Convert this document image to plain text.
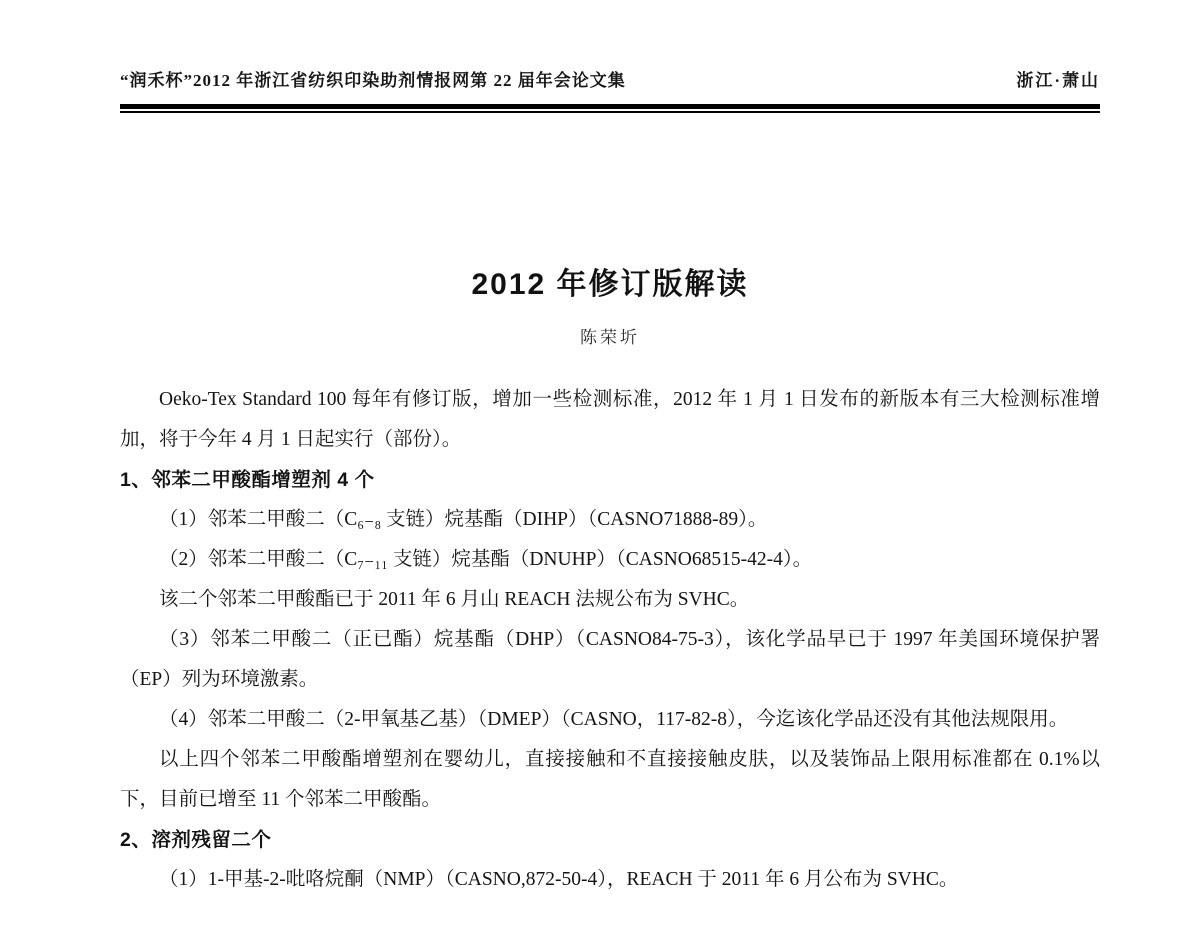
“润禾杯”2012 年浙江省纺织印染助剂情报网第 22 届年会论文集	浙江·萧山
2012 年修订版解读
陈荣圻

Oeko-Tex Standard 100 每年有修订版，增加一些检测标准，2012 年 1 月 1 日发布的新版本有三大检测标准增加，将于今年 4 月 1 日起实行（部份）。

1、邻苯二甲酸酯增塑剂 4 个

（1）邻苯二甲酸二（C₆₋₈ 支链）烷基酯（DIHP）（CASNO71888-89）。

（2）邻苯二甲酸二（C₇₋₁₁ 支链）烷基酯（DNUHP）（CASNO68515-42-4）。

该二个邻苯二甲酸酯已于 2011 年 6 月山 REACH 法规公布为 SVHC。

（3）邻苯二甲酸二（正已酯）烷基酯（DHP）（CASNO84-75-3），该化学品早已于 1997 年美国环境保护署（EP）列为环境激素。

（4）邻苯二甲酸二（2-甲氧基乙基）（DMEP）（CASNO，117-82-8），今迄该化学品还没有其他法规限用。

以上四个邻苯二甲酸酯增塑剂在婴幼儿，直接接触和不直接接触皮肤，以及装饰品上限用标准都在 0.1%以下，目前已增至 11 个邻苯二甲酸酯。

2、溶剂残留二个

（1）1-甲基-2-吡咯烷酮（NMP）（CASNO,872-50-4），REACH 于 2011 年 6 月公布为 SVHC。
